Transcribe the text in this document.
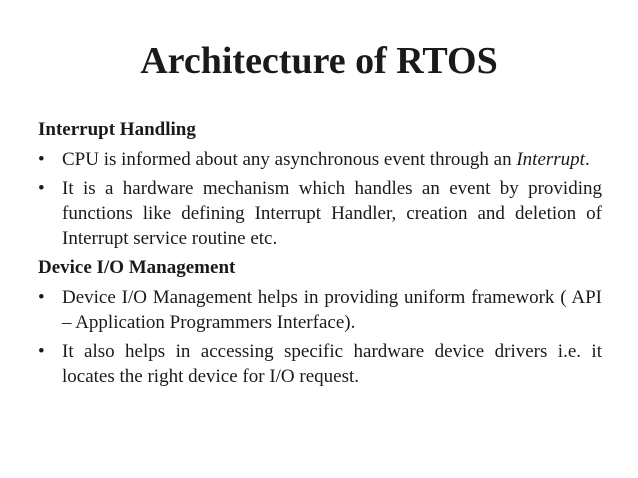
Architecture of RTOS
Interrupt Handling
• CPU is informed about any asynchronous event through an Interrupt.
• It is a hardware mechanism which handles an event by providing functions like defining Interrupt Handler, creation and deletion of Interrupt service routine etc.
Device I/O Management
• Device I/O Management helps in providing uniform framework ( API – Application Programmers Interface).
• It also helps in accessing specific hardware device drivers i.e. it locates the right device for I/O request.
